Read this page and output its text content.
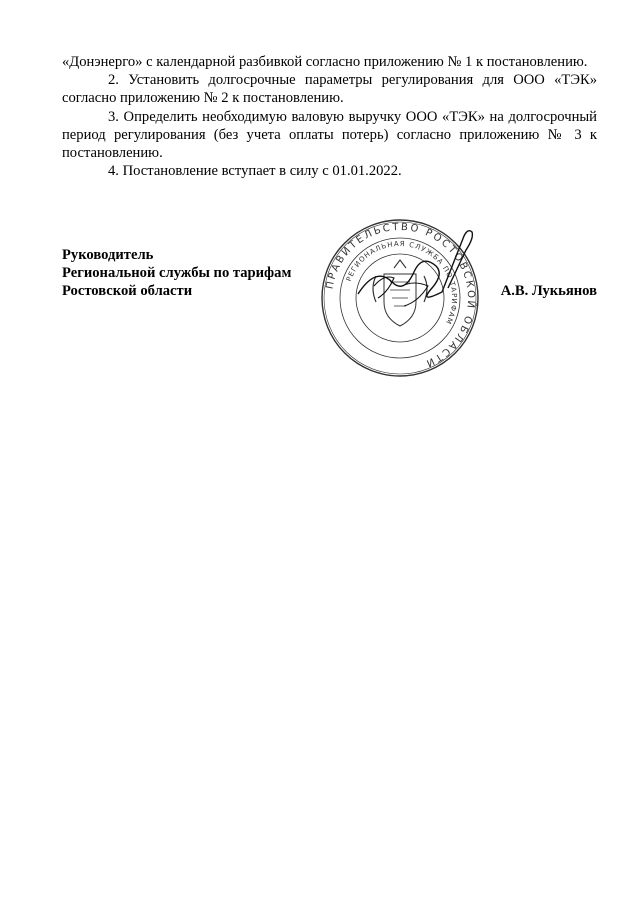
«Донэнерго» с календарной разбивкой согласно приложению № 1 к постановлению.

2. Установить долгосрочные параметры регулирования для ООО «ТЭК» согласно приложению № 2 к постановлению.

3. Определить необходимую валовую выручку ООО «ТЭК» на долгосрочный период регулирования (без учета оплаты потерь) согласно приложению № 3 к постановлению.

4. Постановление вступает в силу с 01.01.2022.

Руководитель
Региональной службы по тарифам
Ростовской области	А.В. Лукьянов
ПРАВИТЕЛЬСТВО РОСТОВСКОЙ ОБЛАСТИ
РЕГИОНАЛЬНАЯ СЛУЖБА ПО ТАРИФАМ
